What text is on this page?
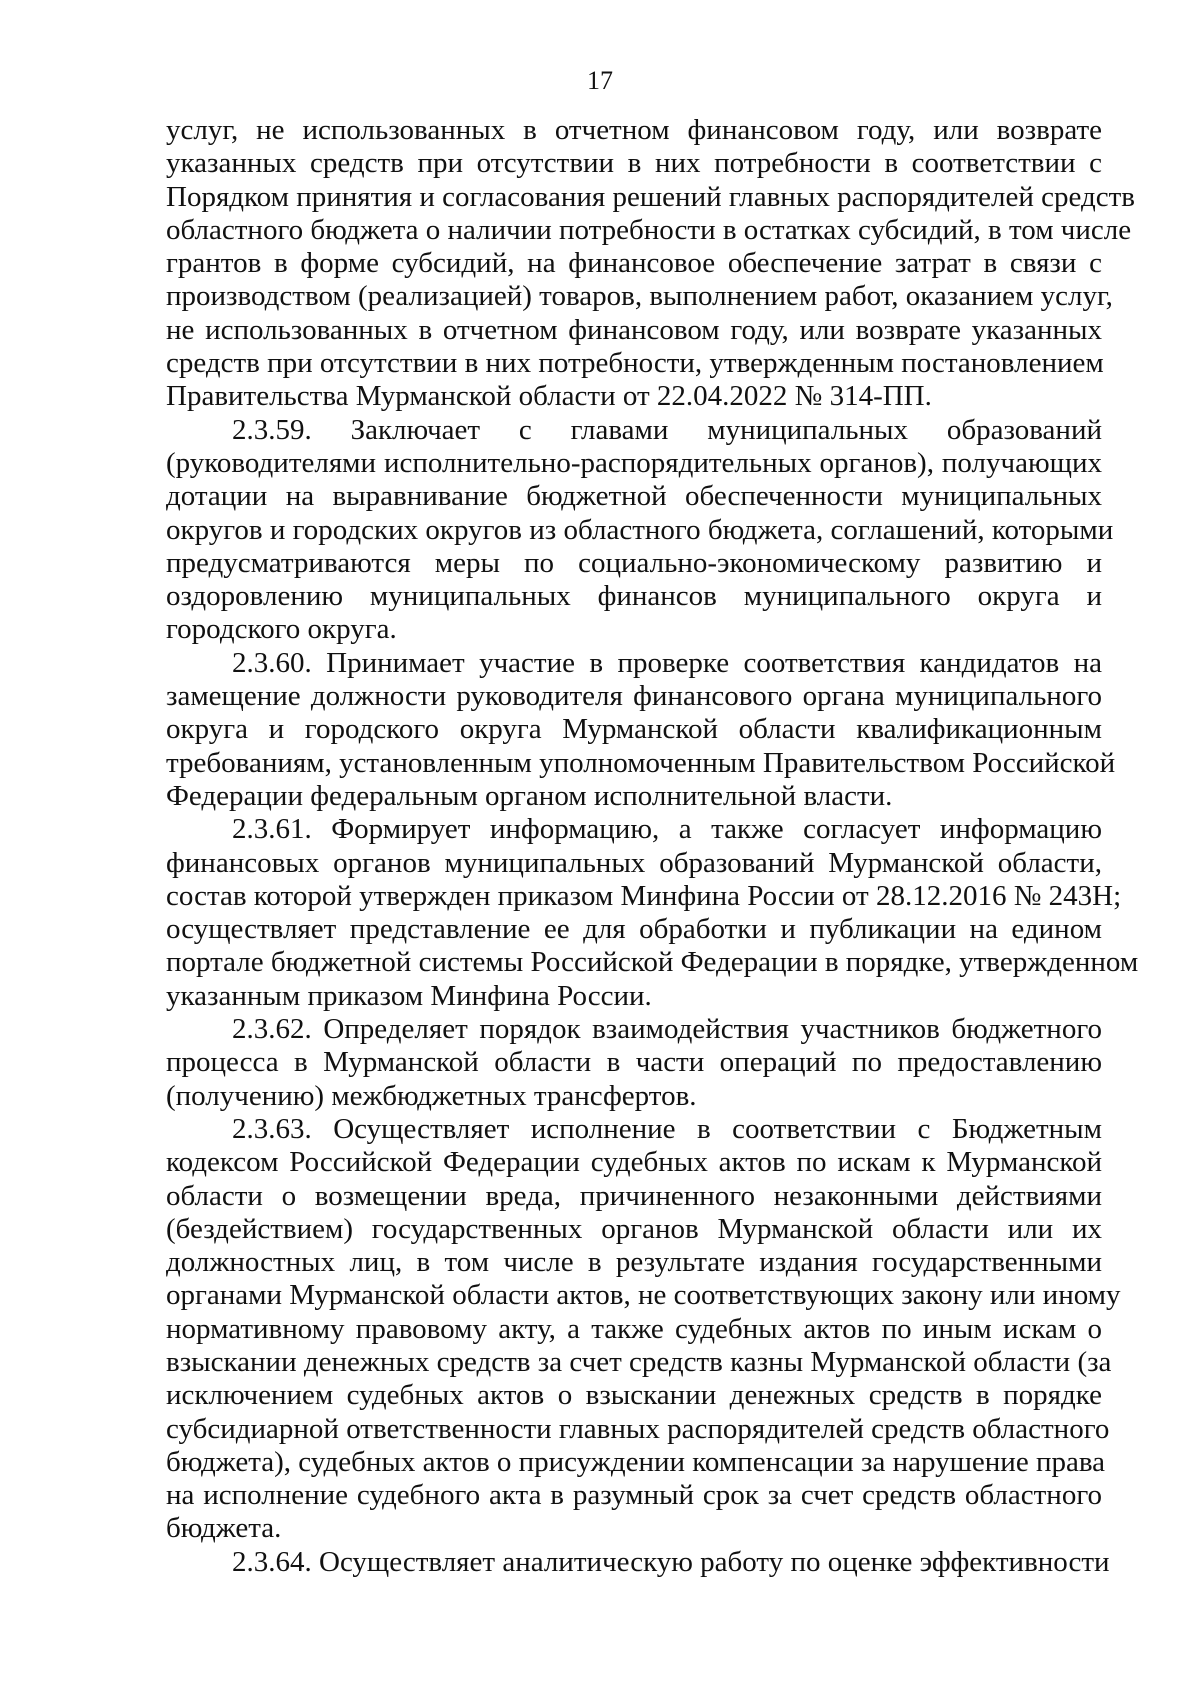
17

услуг, не использованных в отчетном финансовом году, или возврате
указанных средств при отсутствии в них потребности в соответствии с
Порядком принятия и согласования решений главных распорядителей средств
областного бюджета о наличии потребности в остатках субсидий, в том числе
грантов в форме субсидий, на финансовое обеспечение затрат в связи с
производством (реализацией) товаров, выполнением работ, оказанием услуг,
не использованных в отчетном финансовом году, или возврате указанных
средств при отсутствии в них потребности, утвержденным постановлением
Правительства Мурманской области от 22.04.2022 № 314-ПП.

2.3.59. Заключает с главами муниципальных образований
(руководителями исполнительно-распорядительных органов), получающих
дотации на выравнивание бюджетной обеспеченности муниципальных
округов и городских округов из областного бюджета, соглашений, которыми
предусматриваются меры по социально-экономическому развитию и
оздоровлению муниципальных финансов муниципального округа и
городского округа.

2.3.60. Принимает участие в проверке соответствия кандидатов на
замещение должности руководителя финансового органа муниципального
округа и городского округа Мурманской области квалификационным
требованиям, установленным уполномоченным Правительством Российской
Федерации федеральным органом исполнительной власти.

2.3.61. Формирует информацию, а также согласует информацию
финансовых органов муниципальных образований Мурманской области,
состав которой утвержден приказом Минфина России от 28.12.2016 № 243Н;
осуществляет представление ее для обработки и публикации на едином
портале бюджетной системы Российской Федерации в порядке, утвержденном
указанным приказом Минфина России.

2.3.62. Определяет порядок взаимодействия участников бюджетного
процесса в Мурманской области в части операций по предоставлению
(получению) межбюджетных трансфертов.

2.3.63. Осуществляет исполнение в соответствии с Бюджетным
кодексом Российской Федерации судебных актов по искам к Мурманской
области о возмещении вреда, причиненного незаконными действиями
(бездействием) государственных органов Мурманской области или их
должностных лиц, в том числе в результате издания государственными
органами Мурманской области актов, не соответствующих закону или иному
нормативному правовому акту, а также судебных актов по иным искам о
взыскании денежных средств за счет средств казны Мурманской области (за
исключением судебных актов о взыскании денежных средств в порядке
субсидиарной ответственности главных распорядителей средств областного
бюджета), судебных актов о присуждении компенсации за нарушение права
на исполнение судебного акта в разумный срок за счет средств областного
бюджета.

2.3.64. Осуществляет аналитическую работу по оценке эффективности
